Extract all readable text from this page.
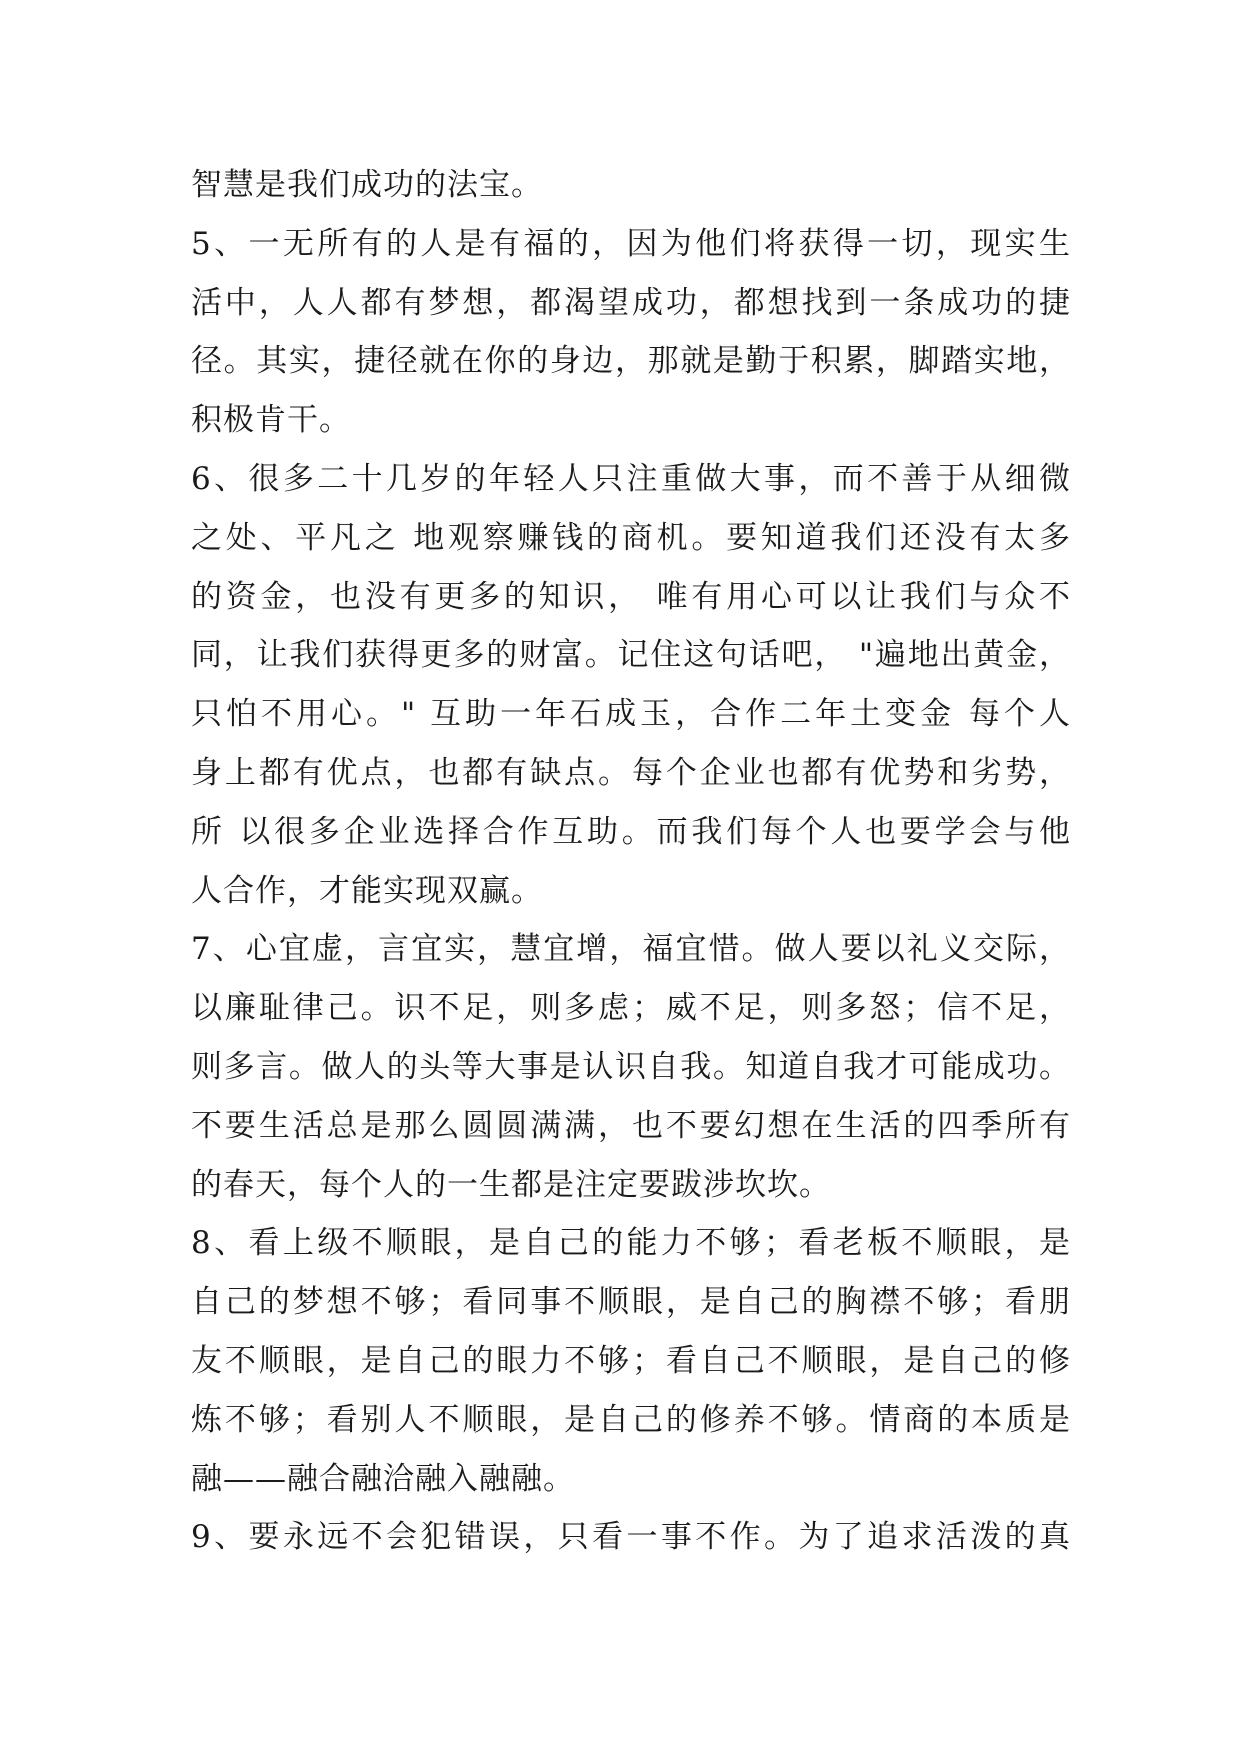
智慧是我们成功的法宝。
5、一无所有的人是有福的，因为他们将获得一切，现实生
活中，人人都有梦想，都渴望成功，都想找到一条成功的捷
径。其实，捷径就在你的身边，那就是勤于积累，脚踏实地，
积极肯干。
6、很多二十几岁的年轻人只注重做大事，而不善于从细微
之处、平凡之 地观察赚钱的商机。要知道我们还没有太多
的资金，也没有更多的知识， 唯有用心可以让我们与众不
同，让我们获得更多的财富。记住这句话吧， "遍地出黄金，
只怕不用心。" 互助一年石成玉，合作二年土变金 每个人
身上都有优点，也都有缺点。每个企业也都有优势和劣势，
所 以很多企业选择合作互助。而我们每个人也要学会与他
人合作，才能实现双赢。
7、心宜虚，言宜实，慧宜增，福宜惜。做人要以礼义交际，
以廉耻律己。识不足，则多虑；威不足，则多怒；信不足，
则多言。做人的头等大事是认识自我。知道自我才可能成功。
不要生活总是那么圆圆满满，也不要幻想在生活的四季所有
的春天，每个人的一生都是注定要跋涉坎坎。
8、看上级不顺眼，是自己的能力不够；看老板不顺眼，是
自己的梦想不够；看同事不顺眼，是自己的胸襟不够；看朋
友不顺眼，是自己的眼力不够；看自己不顺眼，是自己的修
炼不够；看别人不顺眼，是自己的修养不够。情商的本质是
融——融合融洽融入融融。
9、要永远不会犯错误，只看一事不作。为了追求活泼的真
